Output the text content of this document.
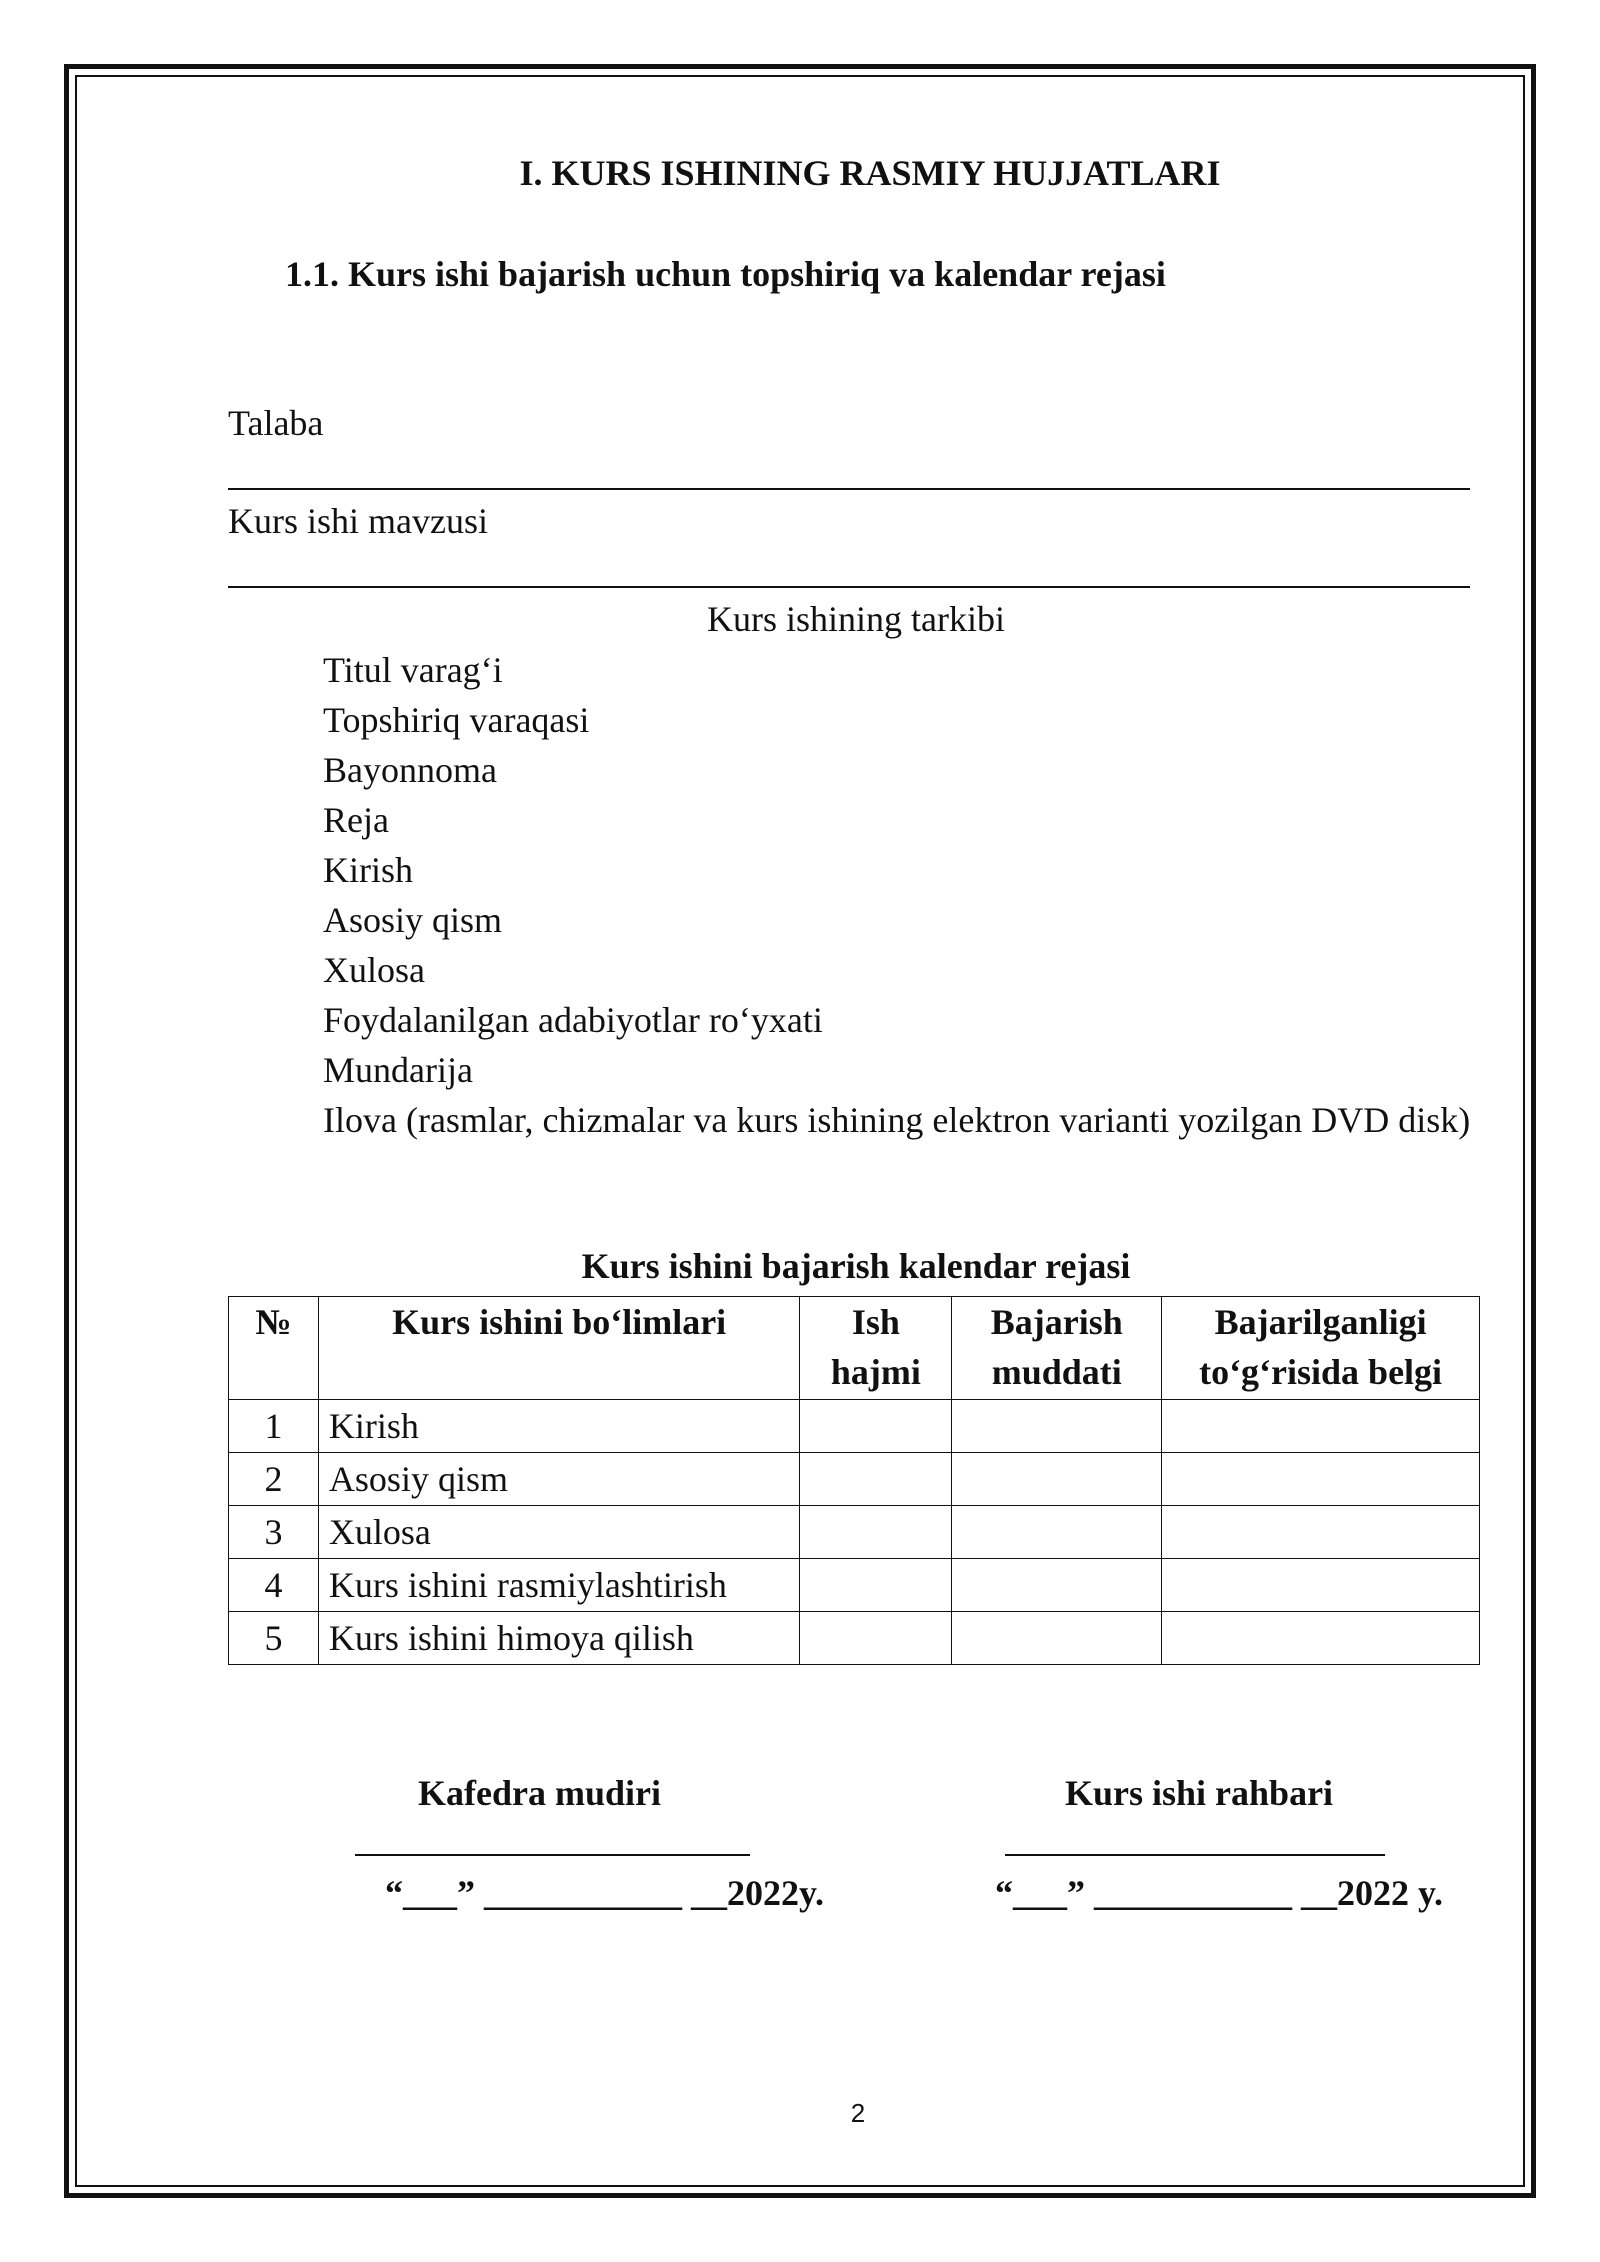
I. KURS ISHINING RASMIY HUJJATLARI
1.1. Kurs ishi bajarish uchun topshiriq va kalendar rejasi
Talaba
Kurs ishi mavzusi
Kurs ishining tarkibi
Titul varag‘i
Topshiriq varaqasi
Bayonnoma
Reja
Kirish
Asosiy qism
Xulosa
Foydalanilgan adabiyotlar ro‘yxati
Mundarija
Ilova (rasmlar, chizmalar va kurs ishining elektron varianti yozilgan DVD disk)
Kurs ishini bajarish kalendar rejasi
№	Kurs ishini bo‘limlari	Ish hajmi	Bajarish muddati	Bajarilganligi to‘g‘risida belgi
1	Kirish			
2	Asosiy qism			
3	Xulosa			
4	Kurs ishini rasmiylashtirish			
5	Kurs ishini himoya qilish			
Kafedra mudiri
“___” ___________ __2022y.
Kurs ishi rahbari
“___” ___________ __2022 y.
2
